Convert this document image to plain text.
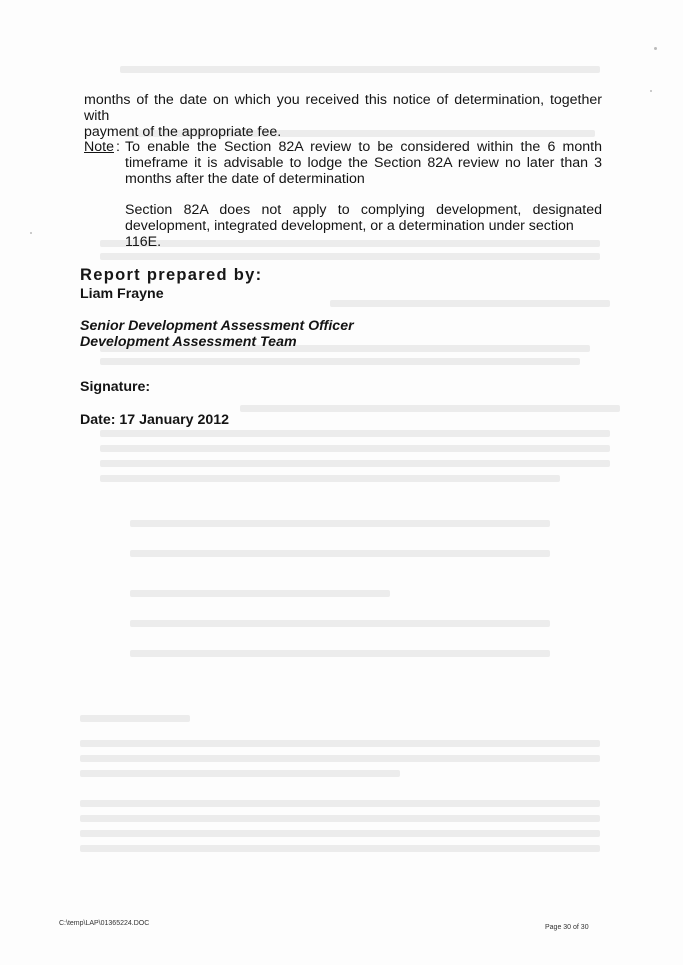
months of the date on which you received this notice of determination, together with
payment of the appropriate fee.
Note : To enable the Section 82A review to be considered within the 6 month
timeframe it is advisable to lodge the Section 82A review no later than 3
months after the date of determination
Section 82A does not apply to complying development, designated
development, integrated development, or a determination under section 116E.
Report prepared by:
Liam Frayne
Senior Development Assessment Officer
Development Assessment Team
Signature:
Date: 17 January 2012
C:\temp\LAP\01365224.DOC
Page 30 of 30
